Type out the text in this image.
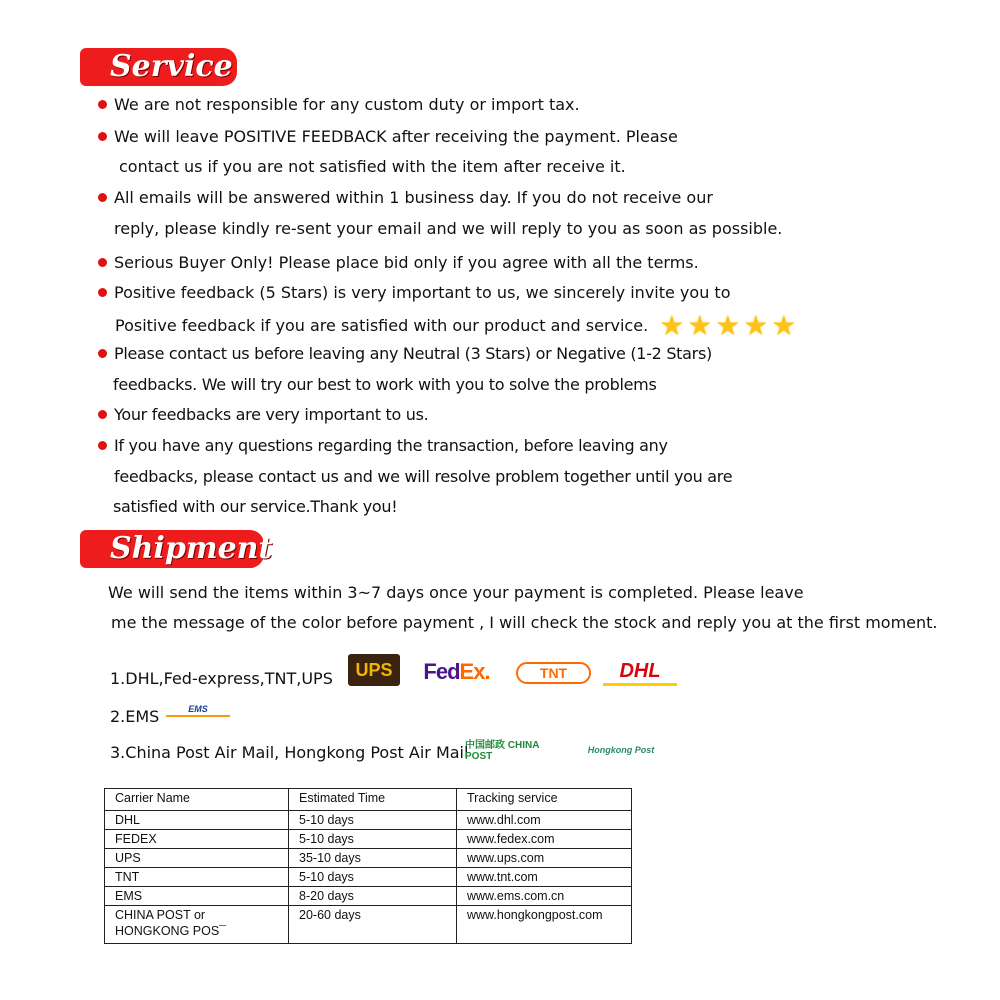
Service
We are not responsible for any custom duty or import tax.
We will leave POSITIVE FEEDBACK after receiving the payment. Please
contact us if you are not satisfied with the item after receive it.
All emails will be answered within 1 business day. If you do not receive our
reply, please kindly re-sent your email and we will reply to you as soon as possible.
Serious Buyer Only! Please place bid only if you agree with all the terms.
Positive feedback (5 Stars) is very important to us, we sincerely invite you to
Positive feedback if you are satisfied with our product and service. ★ ★ ★ ★ ★
Please contact us before leaving any Neutral (3 Stars) or Negative (1-2 Stars)
feedbacks. We will try our best to work with you to solve the problems
Your feedbacks are very important to us.
If you have any questions regarding the transaction, before leaving any
feedbacks, please contact us and we will resolve problem together until you are
satisfied with our service.Thank you!
Shipment
We will send the items within 3~7 days once your payment is completed. Please leave
me the message of the color before payment , I will check the stock and reply you at the first moment.
1.DHL,Fed-express,TNT,UPS	UPS	Fed Ex.	TNT	DHL
2.EMS	EMS
3.China Post Air Mail, Hongkong Post Air Mail
中国邮政 CHINA POST
Hongkong Post
Carrier Name	Estimated Time	Tracking service
DHL	5-10 days	www.dhl.com
FEDEX	5-10 days	www.fedex.com
UPS	35-10 days	www.ups.com
TNT	5-10 days	www.tnt.com
EMS	8-20 days	www.ems.com.cn
CHINA POST or HONGKONG POS¯	20-60 days	www.hongkongpost.com
